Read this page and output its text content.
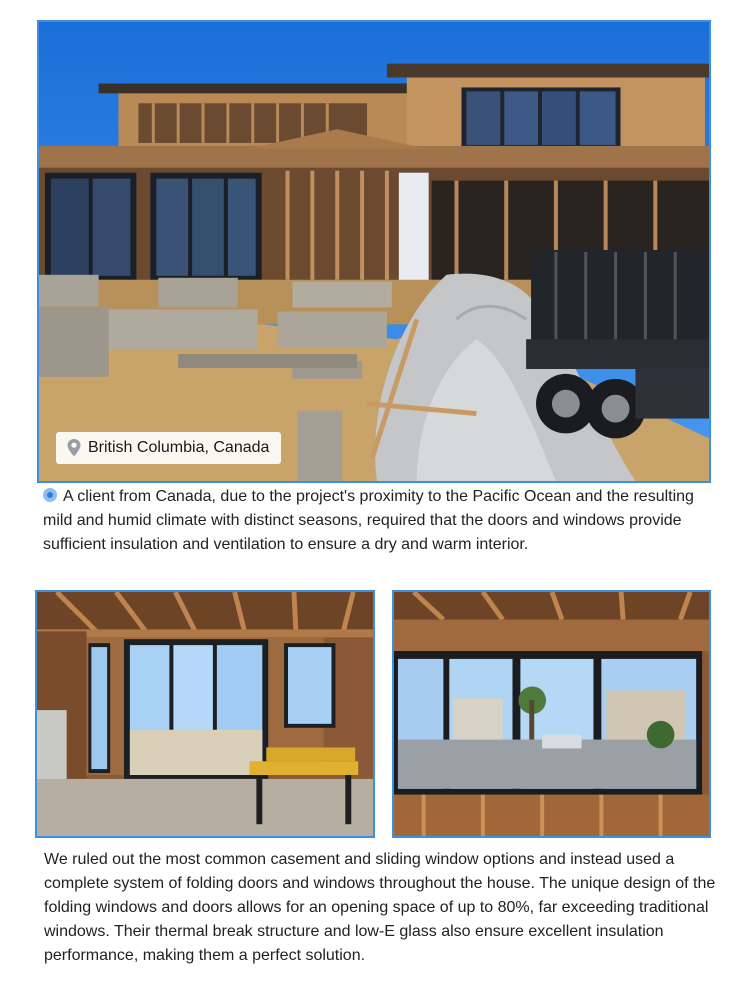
British Columbia, Canada

A client from Canada, due to the project's proximity to the Pacific Ocean and the resulting mild and humid climate with distinct seasons, required that the doors and windows provide sufficient insulation and ventilation to ensure a dry and warm interior.

We ruled out the most common casement and sliding window options and instead used a complete system of folding doors and windows throughout the house. The unique design of the folding windows and doors allows for an opening space of up to 80%, far exceeding traditional windows. Their thermal break structure and low-E glass also ensure excellent insulation performance, making them a perfect solution.
